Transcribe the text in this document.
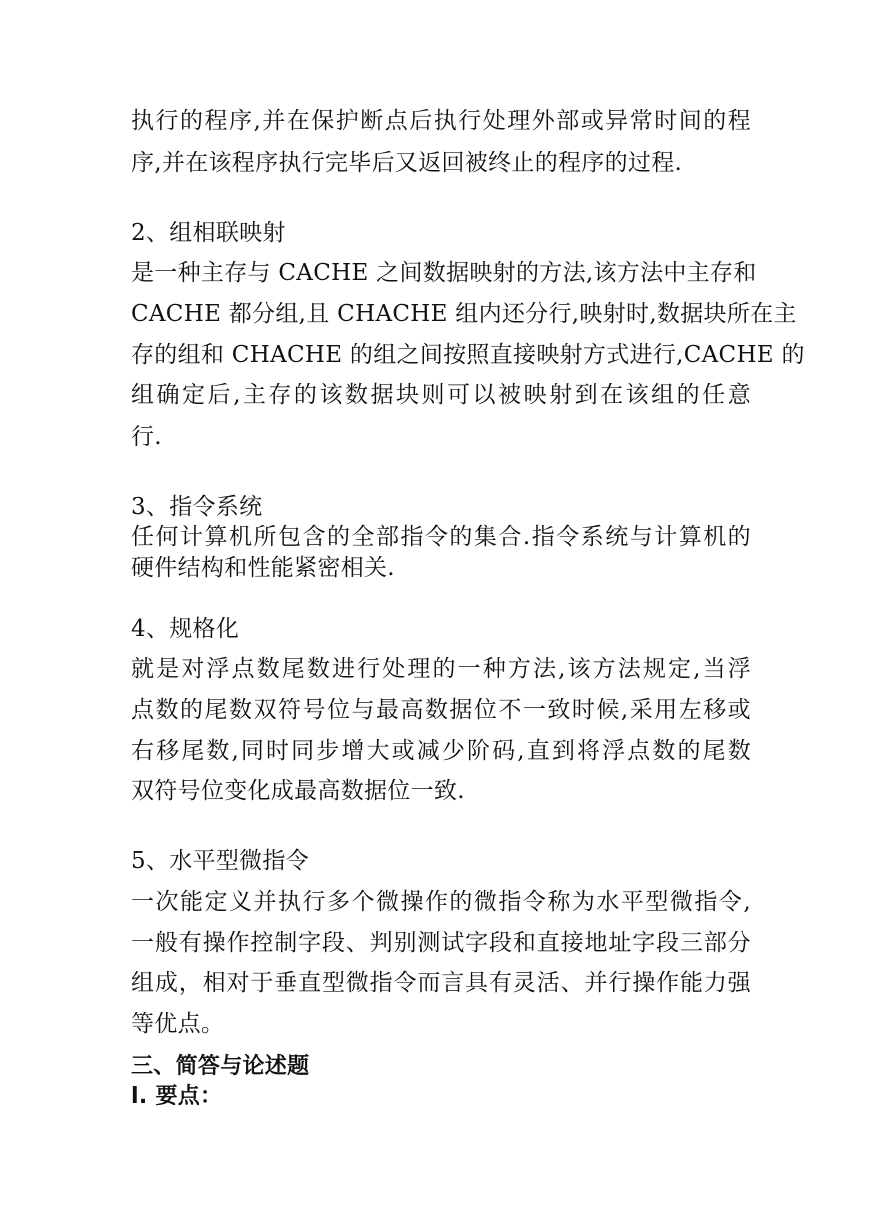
执行的程序,并在保护断点后执行处理外部或异常时间的程
序,并在该程序执行完毕后又返回被终止的程序的过程.
2、组相联映射
是一种主存与 CACHE 之间数据映射的方法,该方法中主存和
CACHE 都分组,且 CHACHE 组内还分行,映射时,数据块所在主
存的组和 CHACHE 的组之间按照直接映射方式进行,CACHE 的
组确定后,主存的该数据块则可以被映射到在该组的任意
行.
3、指令系统
任何计算机所包含的全部指令的集合.指令系统与计算机的
硬件结构和性能紧密相关.
4、规格化
就是对浮点数尾数进行处理的一种方法,该方法规定,当浮
点数的尾数双符号位与最高数据位不一致时候,采用左移或
右移尾数,同时同步增大或减少阶码,直到将浮点数的尾数
双符号位变化成最高数据位一致.
5、水平型微指令
一次能定义并执行多个微操作的微指令称为水平型微指令,
一般有操作控制字段、判别测试字段和直接地址字段三部分
组成，相对于垂直型微指令而言具有灵活、并行操作能力强
等优点。
三、简答与论述题
l. 要点：
